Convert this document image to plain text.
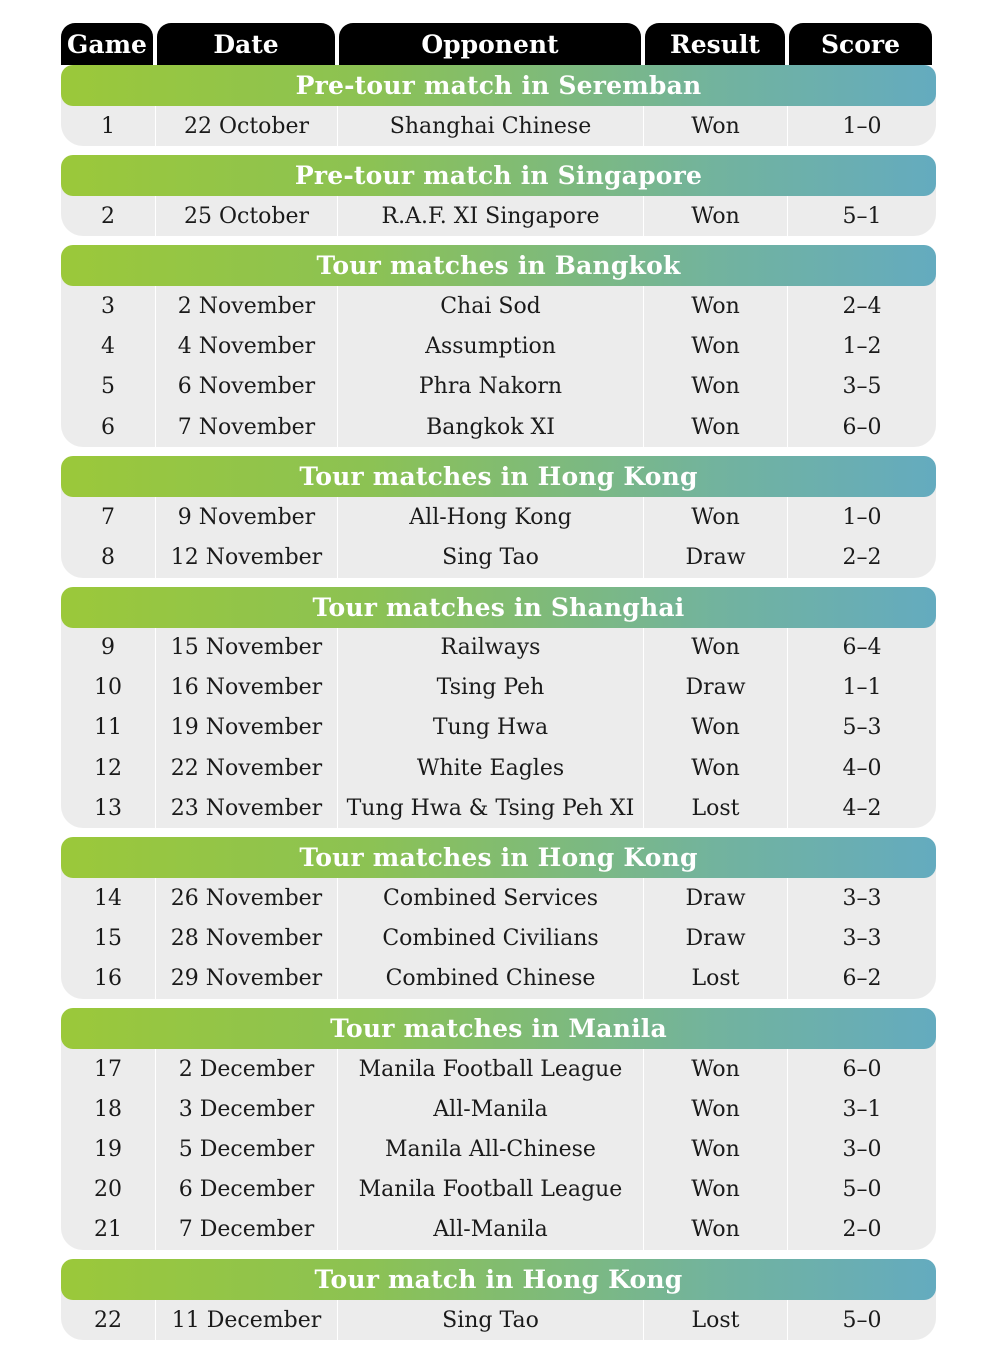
Game	Date	Opponent	Result	Score
Pre-tour match in Seremban
1	22 October	Shanghai Chinese	Won	1–0
Pre-tour match in Singapore
2	25 October	R.A.F. XI Singapore	Won	5–1
Tour matches in Bangkok
3	2 November	Chai Sod	Won	2–4
4	4 November	Assumption	Won	1–2
5	6 November	Phra Nakorn	Won	3–5
6	7 November	Bangkok XI	Won	6–0
Tour matches in Hong Kong
7	9 November	All-Hong Kong	Won	1–0
8	12 November	Sing Tao	Draw	2–2
Tour matches in Shanghai
9	15 November	Railways	Won	6–4
10	16 November	Tsing Peh	Draw	1–1
11	19 November	Tung Hwa	Won	5–3
12	22 November	White Eagles	Won	4–0
13	23 November	Tung Hwa & Tsing Peh XI	Lost	4–2
Tour matches in Hong Kong
14	26 November	Combined Services	Draw	3–3
15	28 November	Combined Civilians	Draw	3–3
16	29 November	Combined Chinese	Lost	6–2
Tour matches in Manila
17	2 December	Manila Football League	Won	6–0
18	3 December	All-Manila	Won	3–1
19	5 December	Manila All-Chinese	Won	3–0
20	6 December	Manila Football League	Won	5–0
21	7 December	All-Manila	Won	2–0
Tour match in Hong Kong
22	11 December	Sing Tao	Lost	5–0
